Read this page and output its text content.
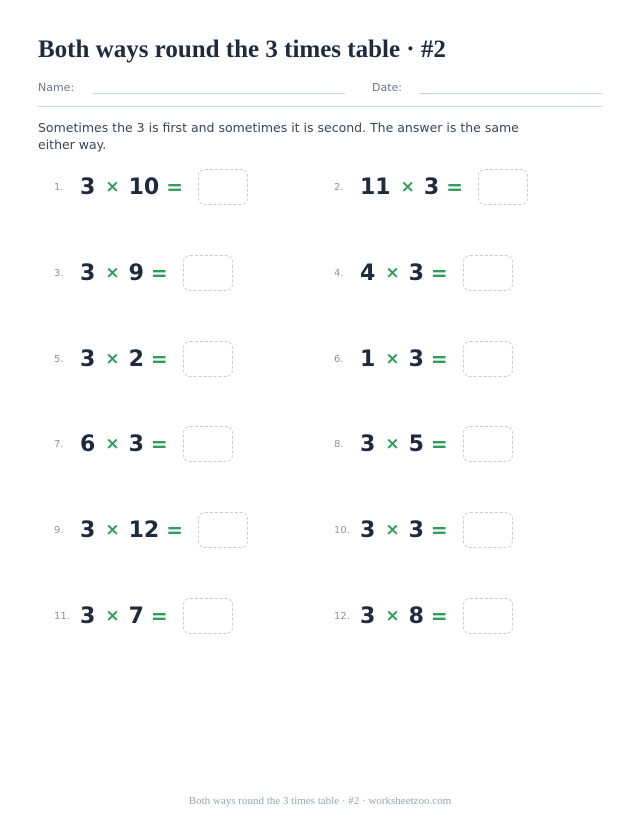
Both ways round the 3 times table · #2
Name:	Date:
Sometimes the 3 is first and sometimes it is second. The answer is the same either way.
1. 3 × 10 =
3. 3 × 9 =
5. 3 × 2 =
7. 6 × 3 =
9. 3 × 12 =
11. 3 × 7 =
2. 11 × 3 =
4. 4 × 3 =
6. 1 × 3 =
8. 3 × 5 =
10. 3 × 3 =
12. 3 × 8 =
Both ways round the 3 times table · #2 · worksheetzoo.com
